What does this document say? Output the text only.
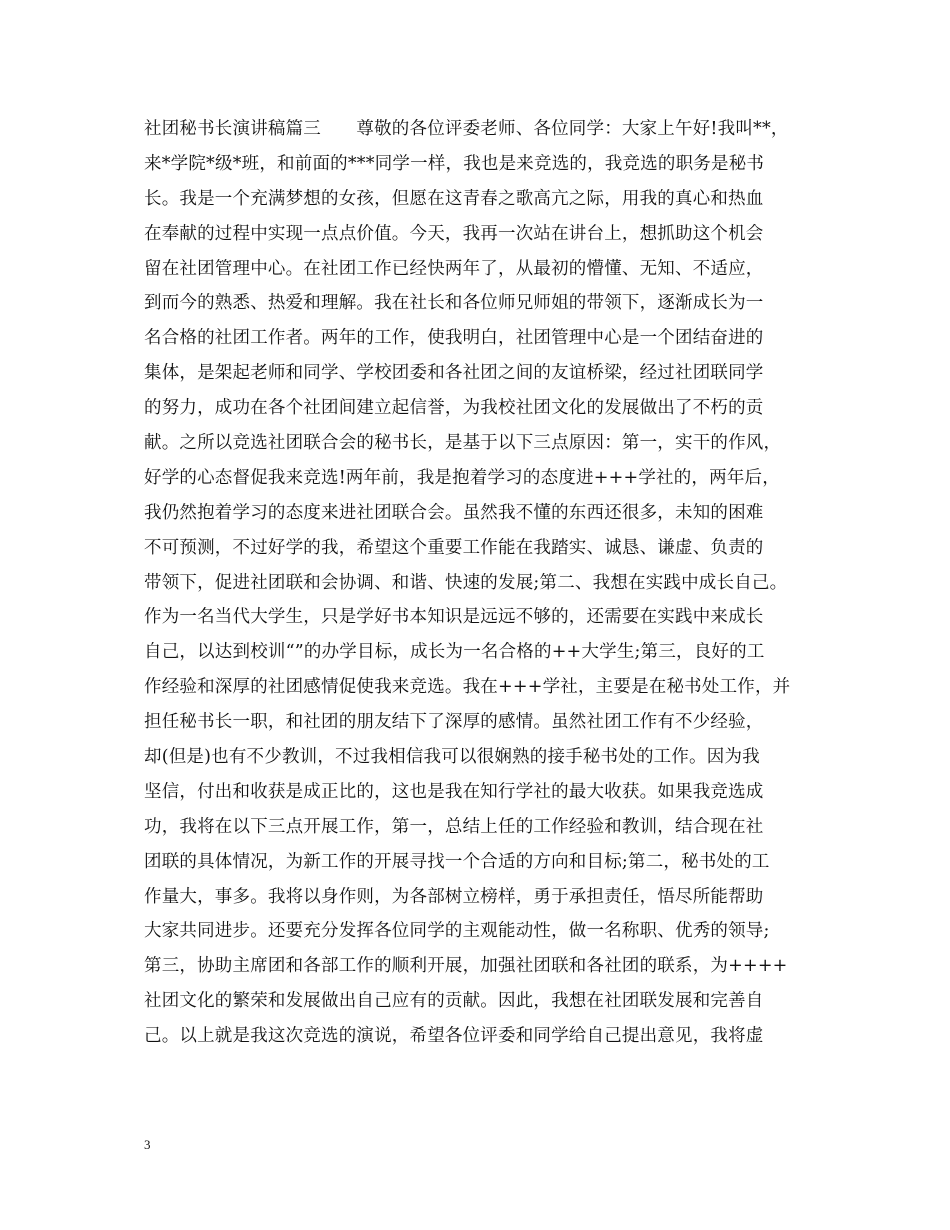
社团秘书长演讲稿篇三　　尊敬的各位评委老师、各位同学：大家上午好!我叫**，
来*学院*级*班，和前面的***同学一样，我也是来竞选的，我竞选的职务是秘书
长。我是一个充满梦想的女孩，但愿在这青春之歌高亢之际，用我的真心和热血
在奉献的过程中实现一点点价值。今天，我再一次站在讲台上，想抓助这个机会
留在社团管理中心。在社团工作已经快两年了，从最初的懵懂、无知、不适应，
到而今的熟悉、热爱和理解。我在社长和各位师兄师姐的带领下，逐渐成长为一
名合格的社团工作者。两年的工作，使我明白，社团管理中心是一个团结奋进的
集体，是架起老师和同学、学校团委和各社团之间的友谊桥梁，经过社团联同学
的努力，成功在各个社团间建立起信誉，为我校社团文化的发展做出了不朽的贡
献。之所以竞选社团联合会的秘书长，是基于以下三点原因：第一，实干的作风，
好学的心态督促我来竞选!两年前，我是抱着学习的态度进+++学社的，两年后，
我仍然抱着学习的态度来进社团联合会。虽然我不懂的东西还很多，未知的困难
不可预测，不过好学的我，希望这个重要工作能在我踏实、诚恳、谦虚、负责的
带领下，促进社团联和会协调、和谐、快速的发展;第二、我想在实践中成长自己。
作为一名当代大学生，只是学好书本知识是远远不够的，还需要在实践中来成长
自己，以达到校训“”的办学目标，成长为一名合格的++大学生;第三，良好的工
作经验和深厚的社团感情促使我来竞选。我在+++学社，主要是在秘书处工作，并
担任秘书长一职，和社团的朋友结下了深厚的感情。虽然社团工作有不少经验，
却(但是)也有不少教训，不过我相信我可以很娴熟的接手秘书处的工作。因为我
坚信，付出和收获是成正比的，这也是我在知行学社的最大收获。如果我竞选成
功，我将在以下三点开展工作，第一，总结上任的工作经验和教训，结合现在社
团联的具体情况，为新工作的开展寻找一个合适的方向和目标;第二，秘书处的工
作量大，事多。我将以身作则，为各部树立榜样，勇于承担责任，悟尽所能帮助
大家共同进步。还要充分发挥各位同学的主观能动性，做一名称职、优秀的领导;
第三，协助主席团和各部工作的顺利开展，加强社团联和各社团的联系，为++++
社团文化的繁荣和发展做出自己应有的贡献。因此，我想在社团联发展和完善自
己。以上就是我这次竞选的演说，希望各位评委和同学给自己提出意见，我将虚
3
